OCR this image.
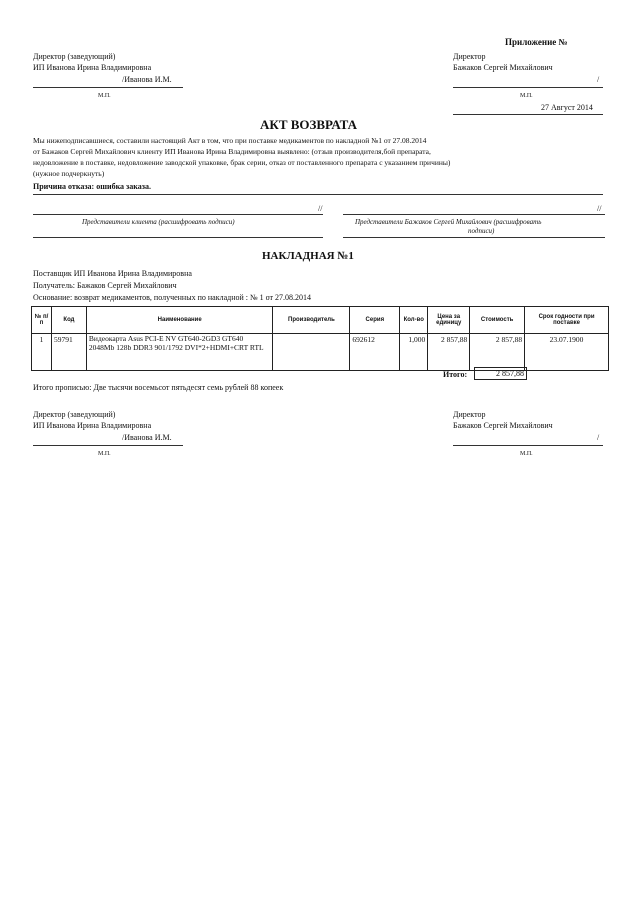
Приложение №
Директор (заведующий)
ИП Иванова Ирина Владимировна
/Иванова И.М.
М.П.
Директор
Бажаков Сергей Михайлович
/
М.П.
27 Август 2014
АКТ ВОЗВРАТА
Мы нижеподписавшиеся, составили настоящий Акт в том, что при поставке медикаментов по накладной №1 от 27.08.2014
от Бажаков Сергей Михайлович клиенту ИП Иванова Ирина Владимировна выявлено: (отзыв производителя,бой препарата,
недовложение в поставке, недовложение заводской упаковке, брак серии, отказ от поставленного препарата с указанием причины)
(нужное подчеркнуть)
Причина отказа: ошибка заказа.
//
Представители клиента (расшифровать подписи)
//
Представители Бажаков Сергей Михайлович (расшифровать
подписи)
НАКЛАДНАЯ №1
Поставщик ИП Иванова Ирина Владимировна
Получатель: Бажаков Сергей Михайлович
Основание: возврат медикаментов, полученных по накладной : № 1 от 27.08.2014
№ п/п	Код	Наименование	Производитель	Серия	Кол-во	Цена за единицу	Стоимость	Срок годности при поставке
1	59791	Видеокарта Asus PCI-E NV GT640-2GD3 GT640 2048Mb 128b DDR3 901/1792 DVI*2+HDMI+CRT RTL		692612	1,000	2 857,88	2 857,88	23.07.1900
Итого:	2 857,88
Итого прописью: Две тысячи восемьсот пятьдесят семь рублей 88 копеек
Директор (заведующий)
ИП Иванова Ирина Владимировна
/Иванова И.М.
М.П.
Директор
Бажаков Сергей Михайлович
/
М.П.
